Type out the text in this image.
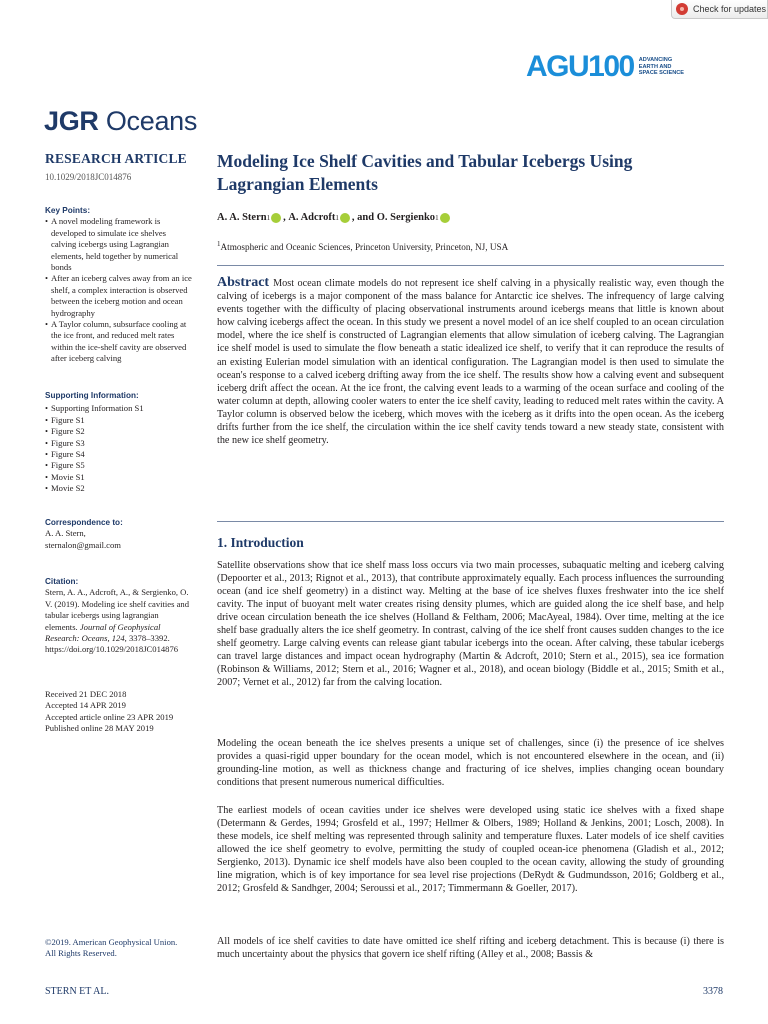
Check for updates
AGU100 ADVANCING
EARTH AND
SPACE SCIENCE
JGR Oceans
RESEARCH ARTICLE
10.1029/2018JC014876
Key Points:
• A novel modeling framework is developed to simulate ice shelves calving icebergs using Lagrangian elements, held together by numerical bonds
• After an iceberg calves away from an ice shelf, a complex interaction is observed between the iceberg motion and ocean hydrography
• A Taylor column, subsurface cooling at the ice front, and reduced melt rates within the ice-shelf cavity are observed after iceberg calving
Supporting Information:
• Supporting Information S1
• Figure S1
• Figure S2
• Figure S3
• Figure S4
• Figure S5
• Movie S1
• Movie S2
Correspondence to:
A. A. Stern,
sternalon@gmail.com
Citation:
Stern, A. A., Adcroft, A., & Sergienko, O. V. (2019). Modeling ice shelf cavities and tabular icebergs using lagrangian elements. Journal of Geophysical Research: Oceans, 124, 3378–3392. https://doi.org/10.1029/2018JC014876
Received 21 DEC 2018
Accepted 14 APR 2019
Accepted article online 23 APR 2019
Published online 28 MAY 2019
©2019. American Geophysical Union.
All Rights Reserved.
Modeling Ice Shelf Cavities and Tabular Icebergs Using Lagrangian Elements
A. A. Stern 1 , A. Adcroft 1 , and O. Sergienko 1
$^1$Atmospheric and Oceanic Sciences, Princeton University, Princeton, NJ, USA
Abstract Most ocean climate models do not represent ice shelf calving in a physically realistic way, even though the calving of icebergs is a major component of the mass balance for Antarctic ice shelves. The infrequency of large calving events together with the difficulty of placing observational instruments around icebergs means that little is known about how calving icebergs affect the ocean. In this study we present a novel model of an ice shelf coupled to an ocean circulation model, where the ice shelf is constructed of Lagrangian elements that allow simulation of iceberg calving. The Lagrangian ice shelf model is used to simulate the flow beneath a static idealized ice shelf, to verify that it can reproduce the results of an existing Eulerian model simulation with an identical configuration. The Lagrangian model is then used to simulate the ocean's response to a calved iceberg drifting away from the ice shelf. The results show how a calving event and subsequent iceberg drift affect the ocean. At the ice front, the calving event leads to a warming of the ocean surface and cooling of the water column at depth, allowing cooler waters to enter the ice shelf cavity, leading to reduced melt rates within the cavity. A Taylor column is observed below the iceberg, which moves with the iceberg as it drifts into the open ocean. As the iceberg drifts further from the ice shelf, the circulation within the ice shelf cavity tends toward a new steady state, consistent with the new ice shelf geometry.
1. Introduction
Satellite observations show that ice shelf mass loss occurs via two main processes, subaquatic melting and iceberg calving (Depoorter et al., 2013; Rignot et al., 2013), that contribute approximately equally. Each process influences the surrounding ocean (and ice shelf geometry) in a distinct way. Melting at the base of ice shelves fluxes freshwater into the ice shelf cavity. The input of buoyant melt water creates rising density plumes, which are guided along the ice shelf base, and help drive ocean circulation beneath the ice shelves (Holland & Feltham, 2006; MacAyeal, 1984). Over time, melting at the ice shelf base gradually alters the ice shelf geometry. In contrast, calving of the ice shelf front causes sudden changes to the ice shelf geometry. Large calving events can release giant tabular icebergs into the ocean. After calving, these tabular icebergs can travel large distances and impact ocean hydrography (Martin & Adcroft, 2010; Stern et al., 2015), sea ice formation (Robinson & Williams, 2012; Stern et al., 2016; Wagner et al., 2018), and ocean biology (Biddle et al., 2015; Smith et al., 2007; Vernet et al., 2012) far from the calving location.
Modeling the ocean beneath the ice shelves presents a unique set of challenges, since (i) the presence of ice shelves provides a quasi-rigid upper boundary for the ocean model, which is not encountered elsewhere in the ocean, and (ii) grounding-line motion, as well as thickness change and fracturing of ice shelves, implies changing ocean boundary conditions that present numerous numerical difficulties.
The earliest models of ocean cavities under ice shelves were developed using static ice shelves with a fixed shape (Determann & Gerdes, 1994; Grosfeld et al., 1997; Hellmer & Olbers, 1989; Holland & Jenkins, 2001; Losch, 2008). In these models, ice shelf melting was represented through salinity and temperature fluxes. Later models of ice shelf cavities allowed the ice shelf geometry to evolve, permitting the study of coupled ocean-ice phenomena (Gladish et al., 2012; Sergienko, 2013). Dynamic ice shelf models have also been coupled to the ocean cavity, allowing the study of grounding line migration, which is of key importance for sea level rise projections (DeRydt & Gudmundsson, 2016; Goldberg et al., 2012; Grosfeld & Sandhger, 2004; Seroussi et al., 2017; Timmermann & Goeller, 2017).
All models of ice shelf cavities to date have omitted ice shelf rifting and iceberg detachment. This is because (i) there is much uncertainty about the physics that govern ice shelf rifting (Alley et al., 2008; Bassis &
STERN ET AL.	3378
